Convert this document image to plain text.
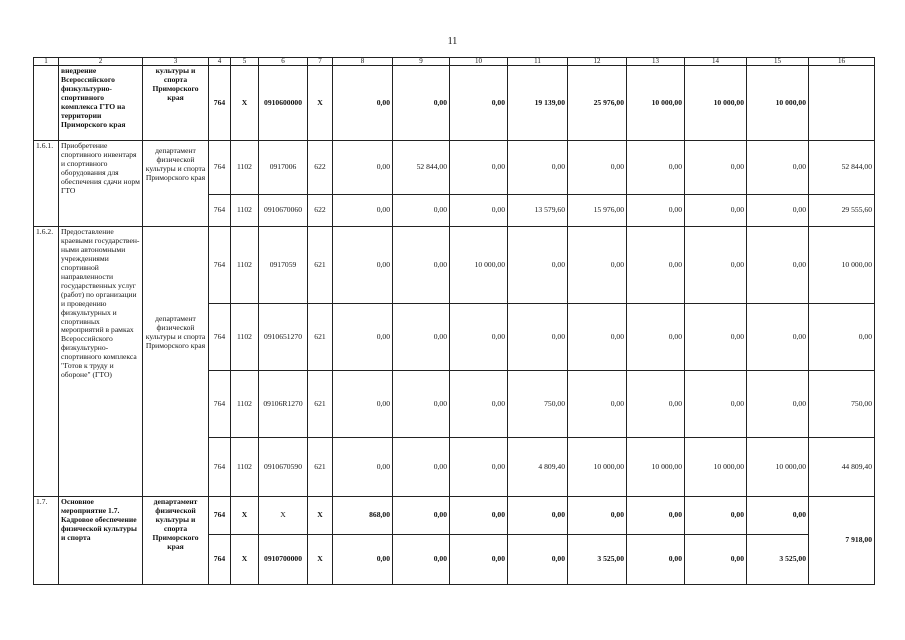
11
1	2	3	4	5	6	7	8	9	10	11	12	13	14	15	16
	внедрение Всероссийского физкультурно-спортивного комплекса ГТО на территории Приморского края	культуры и спорта Приморского края	764	X	0910600000	X	0,00	0,00	0,00	19 139,00	25 976,00	10 000,00	10 000,00	10 000,00	
1.6.1.	Приобретение спортивного инвентаря и спортивного оборудования для обеспечения сдачи норм ГТО	департамент физической культуры и спорта Приморского края	764	1102	0917006	622	0,00	52 844,00	0,00	0,00	0,00	0,00	0,00	0,00	52 844,00
			764	1102	0910670060	622	0,00	0,00	0,00	13 579,60	15 976,00	0,00	0,00	0,00	29 555,60
1.6.2.	Предоставление краевыми государствен-ными автономными учреждениями спортивной направленности государственных услуг (работ) по организации и проведению физкультурных и спортивных мероприятий в рамках Всероссийского физкультурно-спортивного комплекса "Готов к труду и обороне" (ГТО)	департамент физической культуры и спорта Приморского края	764	1102	0917059	621	0,00	0,00	10 000,00	0,00	0,00	0,00	0,00	0,00	10 000,00
			764	1102	0910651270	621	0,00	0,00	0,00	0,00	0,00	0,00	0,00	0,00	0,00
			764	1102	09106R1270	621	0,00	0,00	0,00	750,00	0,00	0,00	0,00	0,00	750,00
			764	1102	0910670590	621	0,00	0,00	0,00	4 809,40	10 000,00	10 000,00	10 000,00	10 000,00	44 809,40
1.7.	Основное мероприятие 1.7. Кадровое обеспечение физической культуры и спорта	департамент физической культуры и спорта Приморского края	764	X	X	X	868,00	0,00	0,00	0,00	0,00	0,00	0,00	0,00	7 918,00
			764	X	0910700000	X	0,00	0,00	0,00	0,00	3 525,00	0,00	0,00	3 525,00	
